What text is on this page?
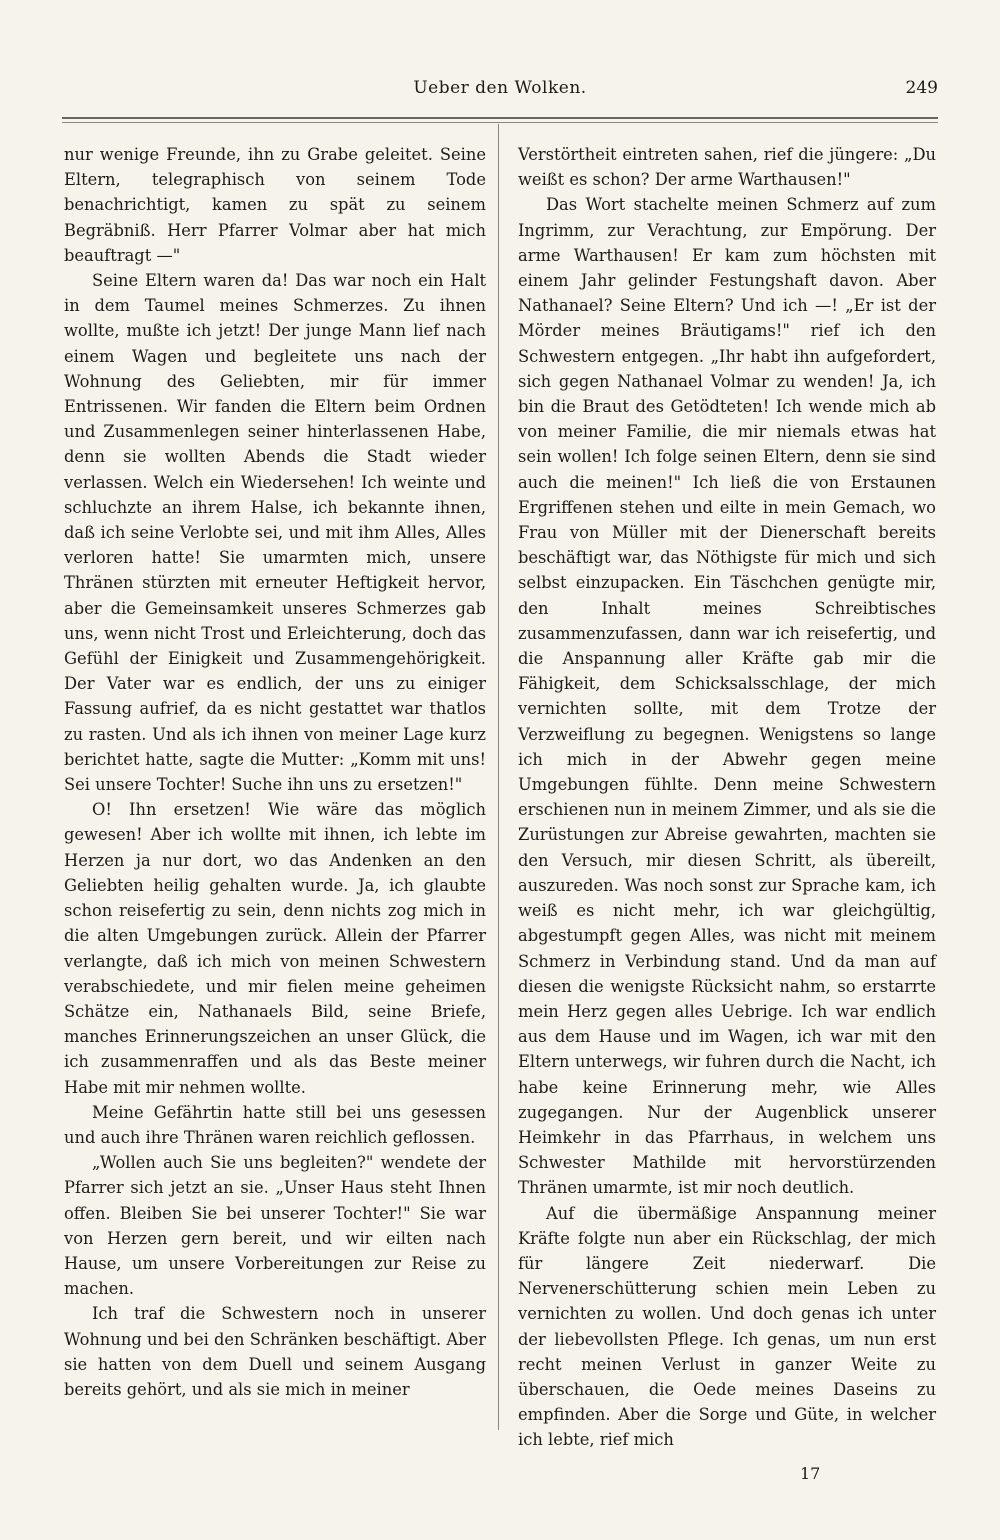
Ueber den Wolken.	249

nur wenige Freunde, ihn zu Grabe geleitet. Seine Eltern, telegraphisch von seinem Tode benachrichtigt, kamen zu spät zu seinem Begräbniß. Herr Pfarrer Volmar aber hat mich beauftragt —"

Seine Eltern waren da! Das war noch ein Halt in dem Taumel meines Schmerzes. Zu ihnen wollte, mußte ich jetzt! Der junge Mann lief nach einem Wagen und begleitete uns nach der Wohnung des Geliebten, mir für immer Entrissenen. Wir fanden die Eltern beim Ordnen und Zusammenlegen seiner hinterlassenen Habe, denn sie wollten Abends die Stadt wieder verlassen. Welch ein Wiedersehen! Ich weinte und schluchzte an ihrem Halse, ich bekannte ihnen, daß ich seine Verlobte sei, und mit ihm Alles, Alles verloren hatte! Sie umarmten mich, unsere Thränen stürzten mit erneuter Heftigkeit hervor, aber die Gemeinsamkeit unseres Schmerzes gab uns, wenn nicht Trost und Erleichterung, doch das Gefühl der Einigkeit und Zusammengehörigkeit. Der Vater war es endlich, der uns zu einiger Fassung aufrief, da es nicht gestattet war thatlos zu rasten. Und als ich ihnen von meiner Lage kurz berichtet hatte, sagte die Mutter: „Komm mit uns! Sei unsere Tochter! Suche ihn uns zu ersetzen!"

O! Ihn ersetzen! Wie wäre das möglich gewesen! Aber ich wollte mit ihnen, ich lebte im Herzen ja nur dort, wo das Andenken an den Geliebten heilig gehalten wurde. Ja, ich glaubte schon reisefertig zu sein, denn nichts zog mich in die alten Umgebungen zurück. Allein der Pfarrer verlangte, daß ich mich von meinen Schwestern verabschiedete, und mir fielen meine geheimen Schätze ein, Nathanaels Bild, seine Briefe, manches Erinnerungszeichen an unser Glück, die ich zusammenraffen und als das Beste meiner Habe mit mir nehmen wollte.

Meine Gefährtin hatte still bei uns gesessen und auch ihre Thränen waren reichlich geflossen.

„Wollen auch Sie uns begleiten?" wendete der Pfarrer sich jetzt an sie. „Unser Haus steht Ihnen offen. Bleiben Sie bei unserer Tochter!" Sie war von Herzen gern bereit, und wir eilten nach Hause, um unsere Vorbereitungen zur Reise zu machen.

Ich traf die Schwestern noch in unserer Wohnung und bei den Schränken beschäftigt. Aber sie hatten von dem Duell und seinem Ausgang bereits gehört, und als sie mich in meiner

Verstörtheit eintreten sahen, rief die jüngere: „Du weißt es schon? Der arme Warthausen!"

Das Wort stachelte meinen Schmerz auf zum Ingrimm, zur Verachtung, zur Empörung. Der arme Warthausen! Er kam zum höchsten mit einem Jahr gelinder Festungshaft davon. Aber Nathanael? Seine Eltern? Und ich —! „Er ist der Mörder meines Bräutigams!" rief ich den Schwestern entgegen. „Ihr habt ihn aufgefordert, sich gegen Nathanael Volmar zu wenden! Ja, ich bin die Braut des Getödteten! Ich wende mich ab von meiner Familie, die mir niemals etwas hat sein wollen! Ich folge seinen Eltern, denn sie sind auch die meinen!" Ich ließ die von Erstaunen Ergriffenen stehen und eilte in mein Gemach, wo Frau von Müller mit der Dienerschaft bereits beschäftigt war, das Nöthigste für mich und sich selbst einzupacken. Ein Täschchen genügte mir, den Inhalt meines Schreibtisches zusammenzufassen, dann war ich reisefertig, und die Anspannung aller Kräfte gab mir die Fähigkeit, dem Schicksalsschlage, der mich vernichten sollte, mit dem Trotze der Verzweiflung zu begegnen. Wenigstens so lange ich mich in der Abwehr gegen meine Umgebungen fühlte. Denn meine Schwestern erschienen nun in meinem Zimmer, und als sie die Zurüstungen zur Abreise gewahrten, machten sie den Versuch, mir diesen Schritt, als übereilt, auszureden. Was noch sonst zur Sprache kam, ich weiß es nicht mehr, ich war gleichgültig, abgestumpft gegen Alles, was nicht mit meinem Schmerz in Verbindung stand. Und da man auf diesen die wenigste Rücksicht nahm, so erstarrte mein Herz gegen alles Uebrige. Ich war endlich aus dem Hause und im Wagen, ich war mit den Eltern unterwegs, wir fuhren durch die Nacht, ich habe keine Erinnerung mehr, wie Alles zugegangen. Nur der Augenblick unserer Heimkehr in das Pfarrhaus, in welchem uns Schwester Mathilde mit hervorstürzenden Thränen umarmte, ist mir noch deutlich.

Auf die übermäßige Anspannung meiner Kräfte folgte nun aber ein Rückschlag, der mich für längere Zeit niederwarf. Die Nervenerschütterung schien mein Leben zu vernichten zu wollen. Und doch genas ich unter der liebevollsten Pflege. Ich genas, um nun erst recht meinen Verlust in ganzer Weite zu überschauen, die Oede meines Daseins zu empfinden. Aber die Sorge und Güte, in welcher ich lebte, rief mich

17
